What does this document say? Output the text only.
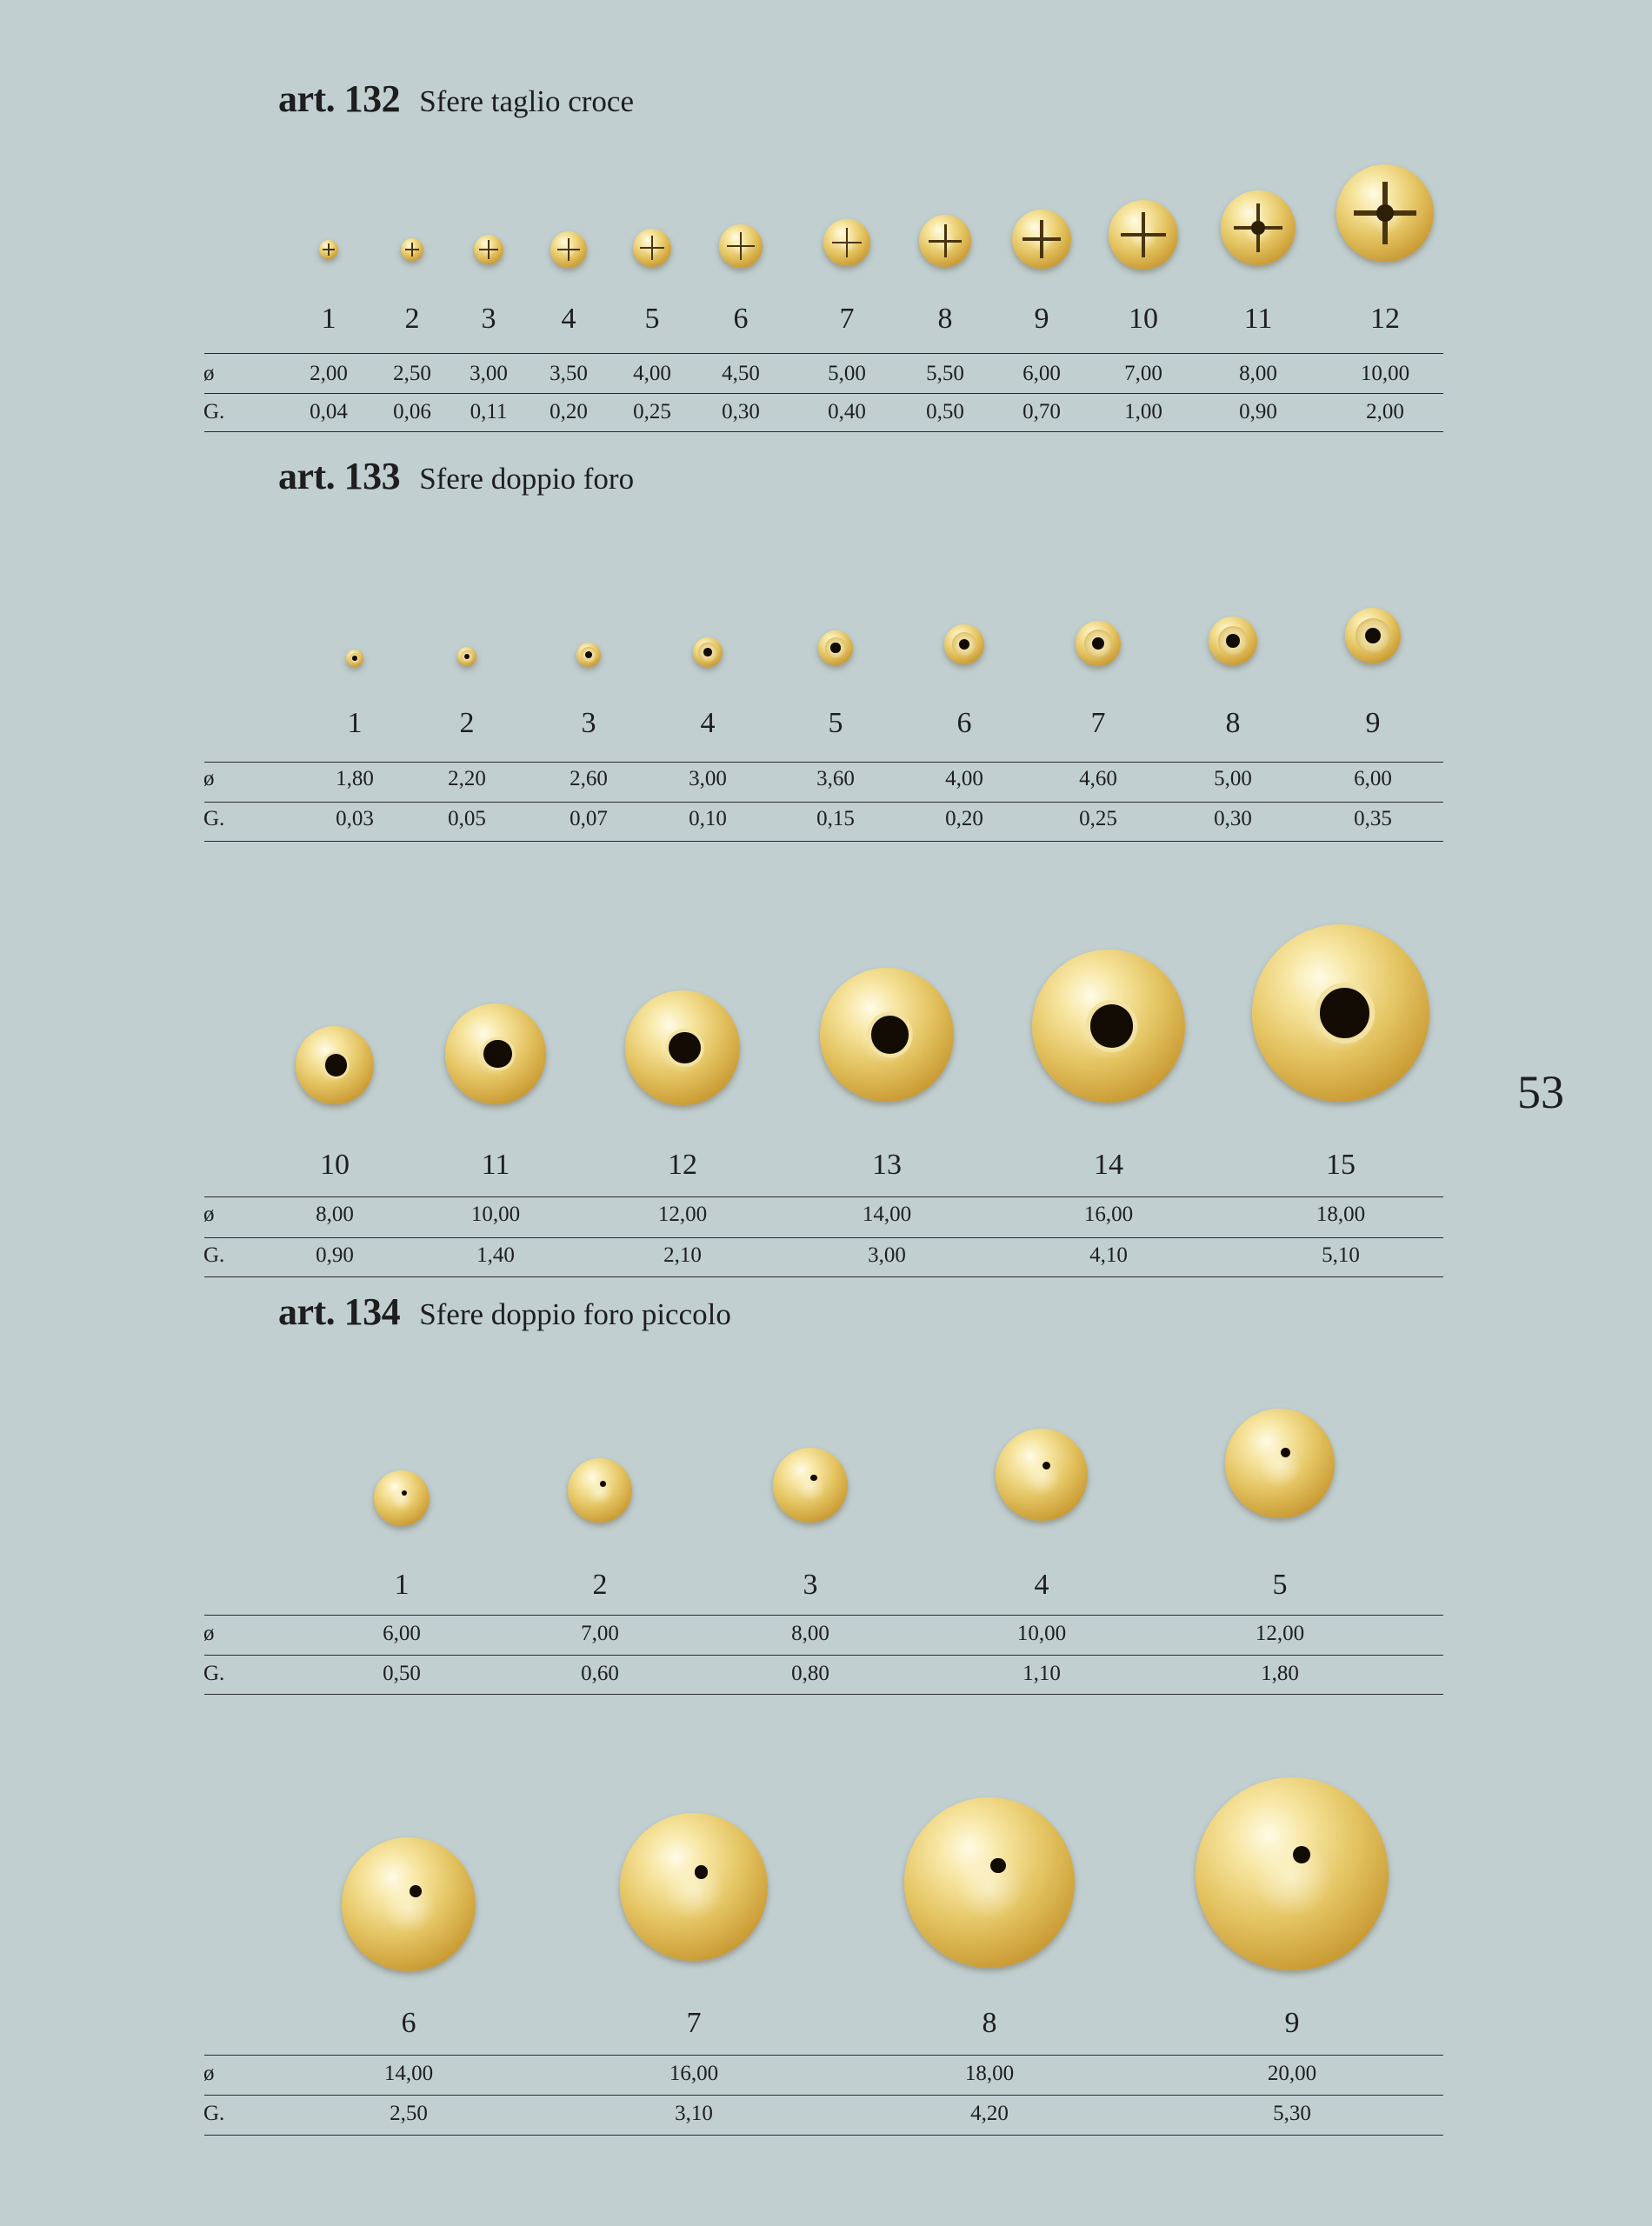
art. 132 Sfere taglio croce
art. 133 Sfere doppio foro
art. 134 Sfere doppio foro piccolo
53
1
2,00
0,04
2
2,50
0,06
3
3,00
0,11
4
3,50
0,20
5
4,00
0,25
6
4,50
0,30
7
5,00
0,40
8
5,50
0,50
9
6,00
0,70
10
7,00
1,00
11
8,00
0,90
12
10,00
2,00
ø
G.
1
1,80
0,03
2
2,20
0,05
3
2,60
0,07
4
3,00
0,10
5
3,60
0,15
6
4,00
0,20
7
4,60
0,25
8
5,00
0,30
9
6,00
0,35
ø
G.
10
8,00
0,90
11
10,00
1,40
12
12,00
2,10
13
14,00
3,00
14
16,00
4,10
15
18,00
5,10
ø
G.
1
6,00
0,50
2
7,00
0,60
3
8,00
0,80
4
10,00
1,10
5
12,00
1,80
ø
G.
6
14,00
2,50
7
16,00
3,10
8
18,00
4,20
9
20,00
5,30
ø
G.
